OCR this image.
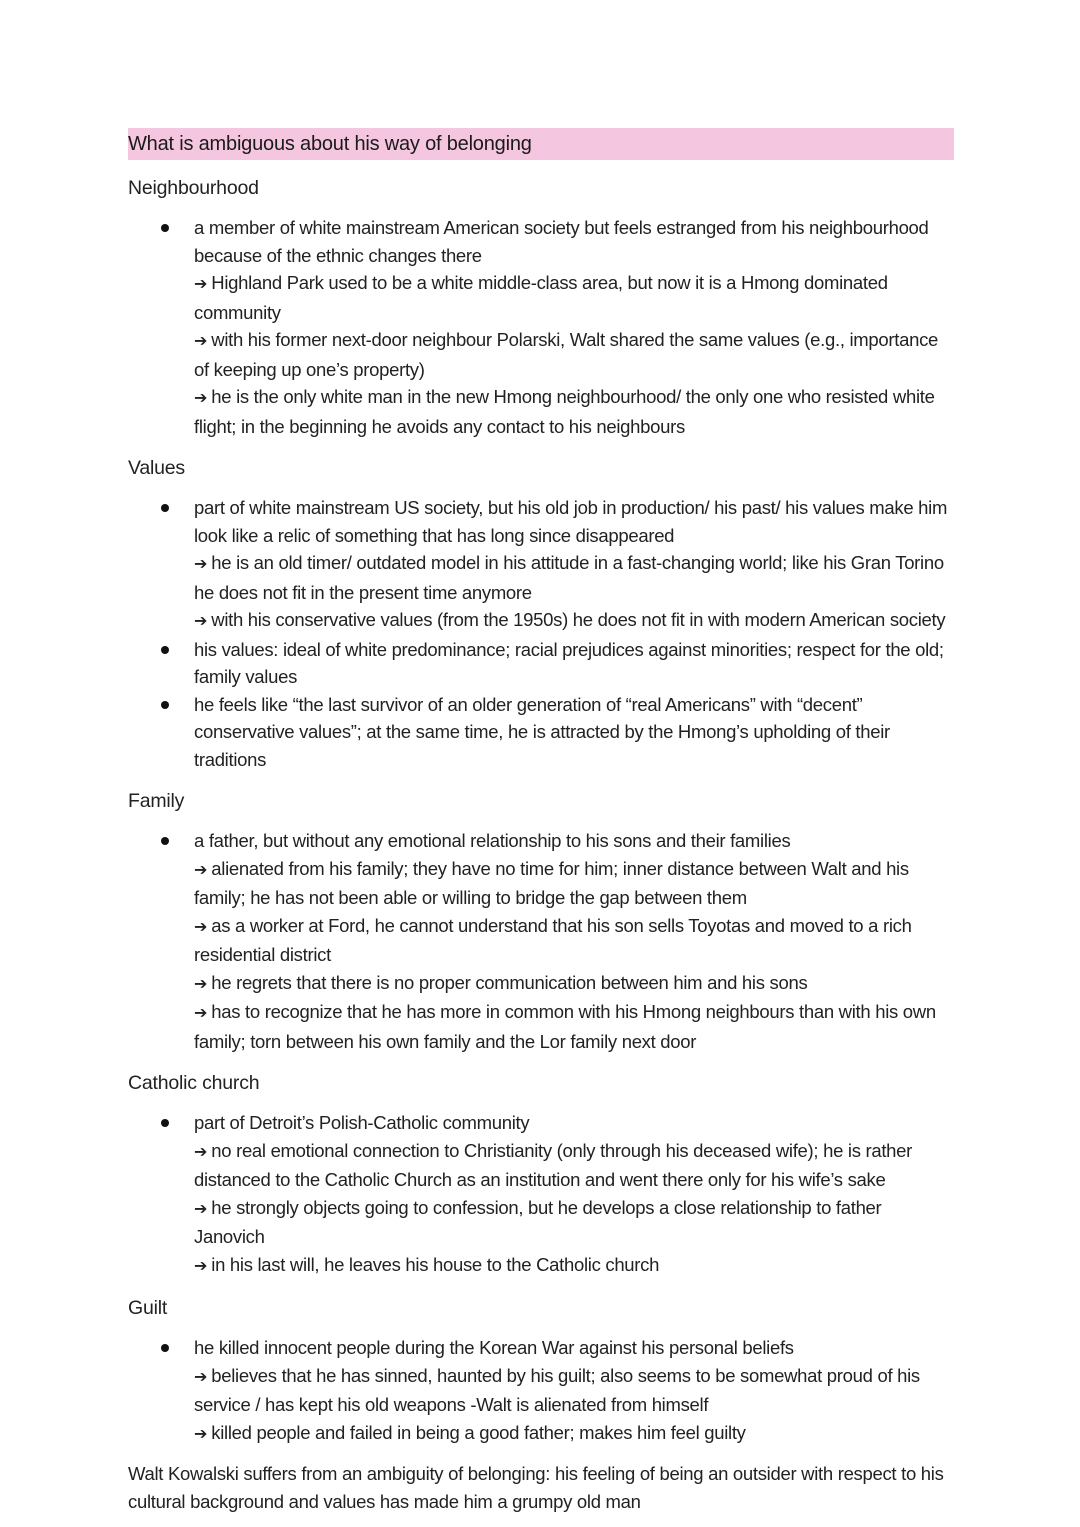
What is ambiguous about his way of belonging
Neighbourhood
a member of white mainstream American society but feels estranged from his neighbourhood because of the ethnic changes there
➔ Highland Park used to be a white middle-class area, but now it is a Hmong dominated community
➔ with his former next-door neighbour Polarski, Walt shared the same values (e.g., importance of keeping up one’s property)
➔ he is the only white man in the new Hmong neighbourhood/ the only one who resisted white flight; in the beginning he avoids any contact to his neighbours
Values
part of white mainstream US society, but his old job in production/ his past/ his values make him look like a relic of something that has long since disappeared
➔ he is an old timer/ outdated model in his attitude in a fast-changing world; like his Gran Torino he does not fit in the present time anymore
➔ with his conservative values (from the 1950s) he does not fit in with modern American society
his values: ideal of white predominance; racial prejudices against minorities; respect for the old; family values
he feels like “the last survivor of an older generation of “real Americans” with “decent” conservative values”; at the same time, he is attracted by the Hmong’s upholding of their traditions
Family
a father, but without any emotional relationship to his sons and their families
➔ alienated from his family; they have no time for him; inner distance between Walt and his family; he has not been able or willing to bridge the gap between them
➔ as a worker at Ford, he cannot understand that his son sells Toyotas and moved to a rich residential district
➔ he regrets that there is no proper communication between him and his sons
➔ has to recognize that he has more in common with his Hmong neighbours than with his own family; torn between his own family and the Lor family next door
Catholic church
part of Detroit’s Polish-Catholic community
➔ no real emotional connection to Christianity (only through his deceased wife); he is rather distanced to the Catholic Church as an institution and went there only for his wife’s sake
➔ he strongly objects going to confession, but he develops a close relationship to father Janovich
➔ in his last will, he leaves his house to the Catholic church
Guilt
he killed innocent people during the Korean War against his personal beliefs
➔ believes that he has sinned, haunted by his guilt; also seems to be somewhat proud of his service / has kept his old weapons -Walt is alienated from himself
➔ killed people and failed in being a good father; makes him feel guilty
Walt Kowalski suffers from an ambiguity of belonging: his feeling of being an outsider with respect to his cultural background and values has made him a grumpy old man
